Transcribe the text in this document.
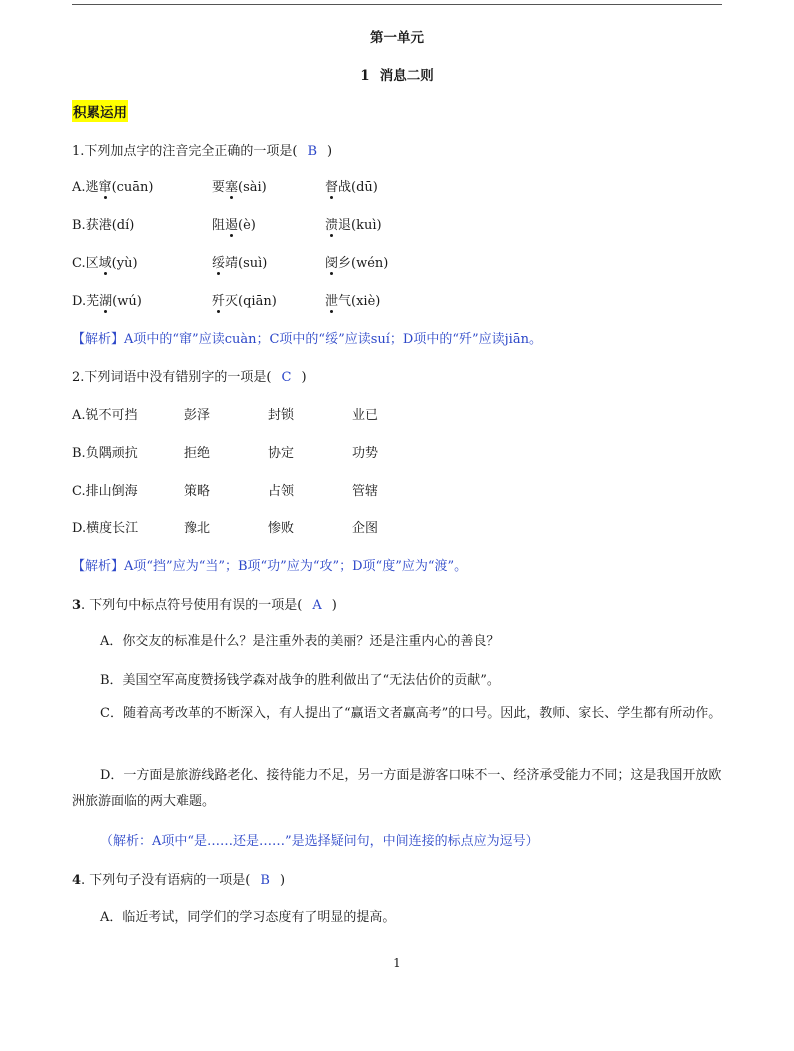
第一单元
1 消息二则
积累运用
1.下列加点字的注音完全正确的一项是( B )
A.逃窜(cuān)	要塞(sài)	督战(dū)
B.获港(dí)	阻遏(è)	溃退(kuì)
C.区域(yù)	绥靖(suì)	阌乡(wén)
D.芜湖(wú)	歼灭(qiān)	泄气(xiè)
【解析】A项中的“窜”应读cuàn；C项中的“绥”应读suí；D项中的“歼”应读jiān。
2.下列词语中没有错别字的一项是( C )
A.锐不可挡	彭泽	封锁	业已
B.负隅顽抗	拒绝	协定	功势
C.排山倒海	策略	占领	管辖
D.横度长江	豫北	惨败	企图
【解析】A项“挡”应为“当”；B项“功”应为“攻”；D项“度”应为“渡”。
3. 下列句中标点符号使用有误的一项是( A )
A．你交友的标准是什么？是注重外表的美丽？还是注重内心的善良？
B．美国空军高度赞扬钱学森对战争的胜利做出了“无法估价的贡献”。
C．随着高考改革的不断深入，有人提出了“赢语文者赢高考”的口号。因此，教师、家长、学生都有所动作。
D．一方面是旅游线路老化、接待能力不足，另一方面是游客口味不一、经济承受能力不同；这是我国开放欧洲旅游面临的两大难题。
（解析：A项中“是……还是……”是选择疑问句，中间连接的标点应为逗号）
4. 下列句子没有语病的一项是( B )
A．临近考试，同学们的学习态度有了明显的提高。
1
